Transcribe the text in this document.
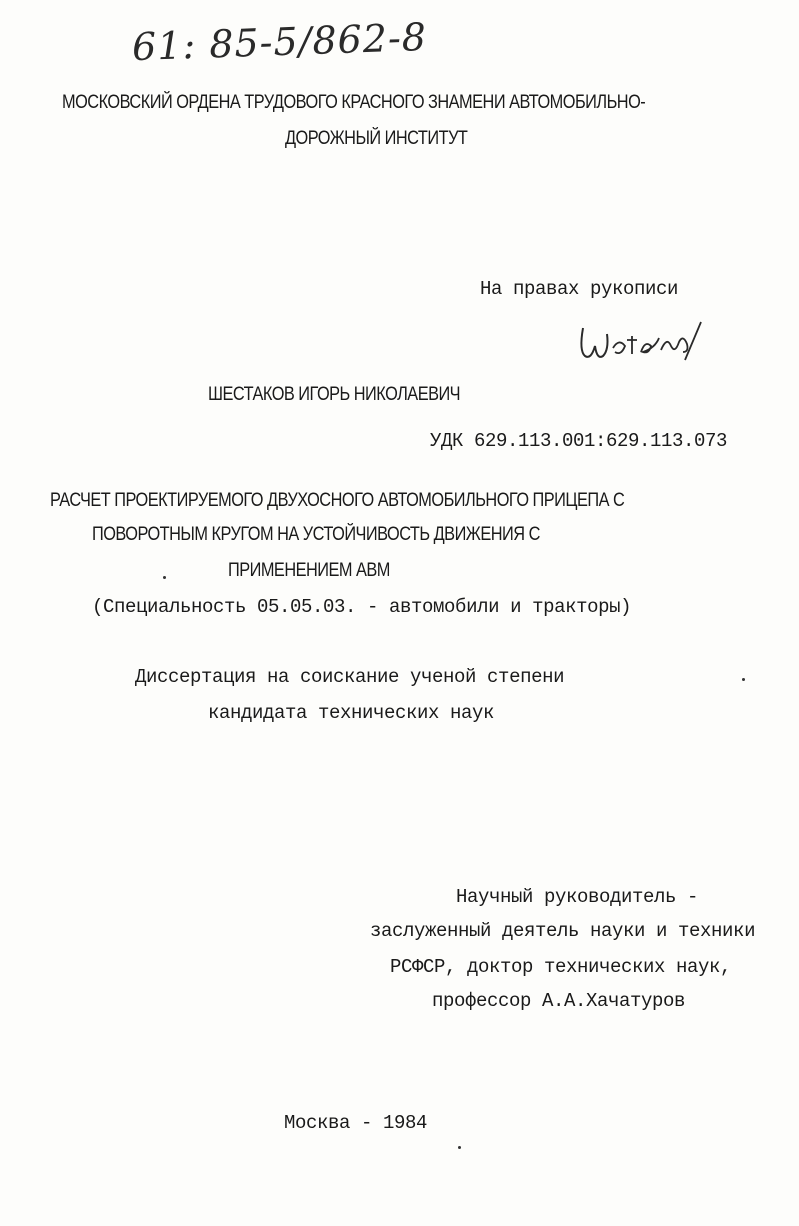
61: 85-5/862-8
МОСКОВСКИЙ ОРДЕНА ТРУДОВОГО КРАСНОГО ЗНАМЕНИ АВТОМОБИЛЬНО-
ДОРОЖНЫЙ ИНСТИТУТ
На правах рукописи
ШЕСТАКОВ ИГОРЬ НИКОЛАЕВИЧ
УДК 629.113.001:629.113.073
РАСЧЕТ ПРОЕКТИРУЕМОГО ДВУХОСНОГО АВТОМОБИЛЬНОГО ПРИЦЕПА С
ПОВОРОТНЫМ КРУГОМ НА УСТОЙЧИВОСТЬ ДВИЖЕНИЯ С
ПРИМЕНЕНИЕМ АВМ
(Специальность 05.05.03. - автомобили и тракторы)
Диссертация на соискание ученой степени
кандидата технических наук
Научный руководитель -
заслуженный деятель науки и техники
РСФСР, доктор технических наук,
профессор А.А.Хачатуров
Москва - 1984
